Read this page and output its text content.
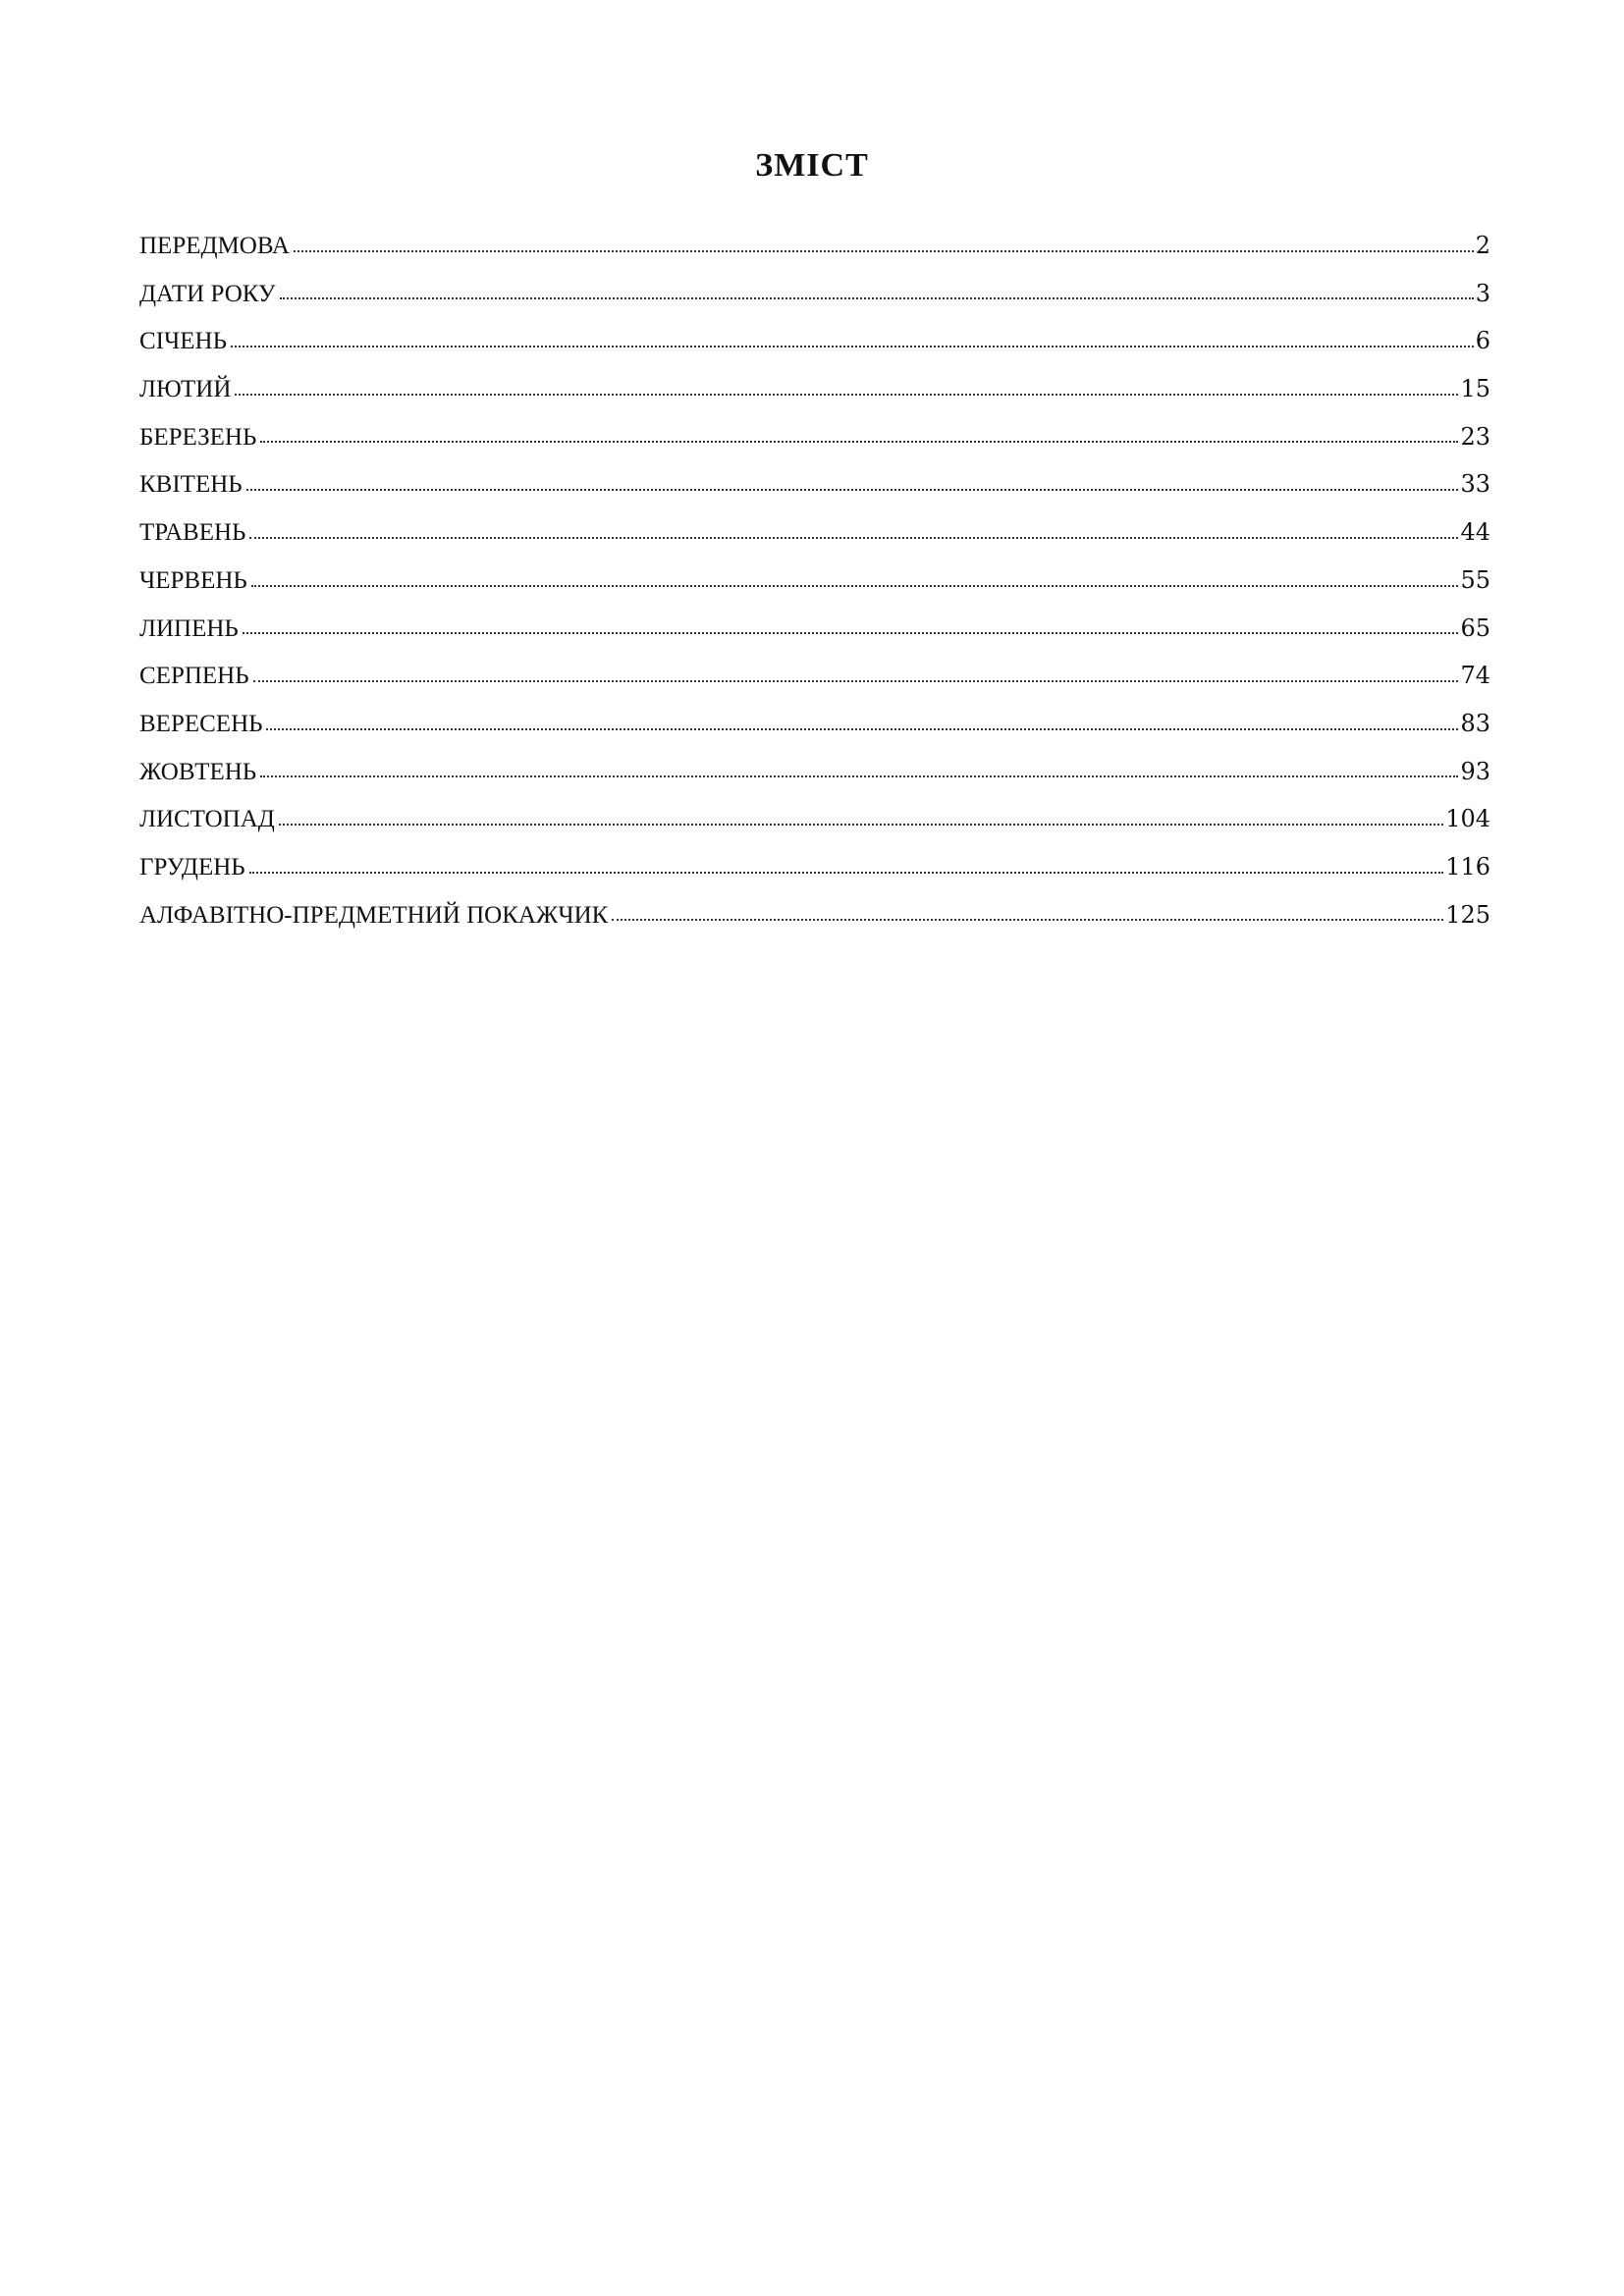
ЗМІСТ
ПЕРЕДМОВА	2
ДАТИ РОКУ	3
СІЧЕНЬ	6
ЛЮТИЙ	15
БЕРЕЗЕНЬ	23
КВІТЕНЬ	33
ТРАВЕНЬ	44
ЧЕРВЕНЬ	55
ЛИПЕНЬ	65
СЕРПЕНЬ	74
ВЕРЕСЕНЬ	83
ЖОВТЕНЬ	93
ЛИСТОПАД	104
ГРУДЕНЬ	116
АЛФАВІТНО-ПРЕДМЕТНИЙ ПОКАЖЧИК	125
